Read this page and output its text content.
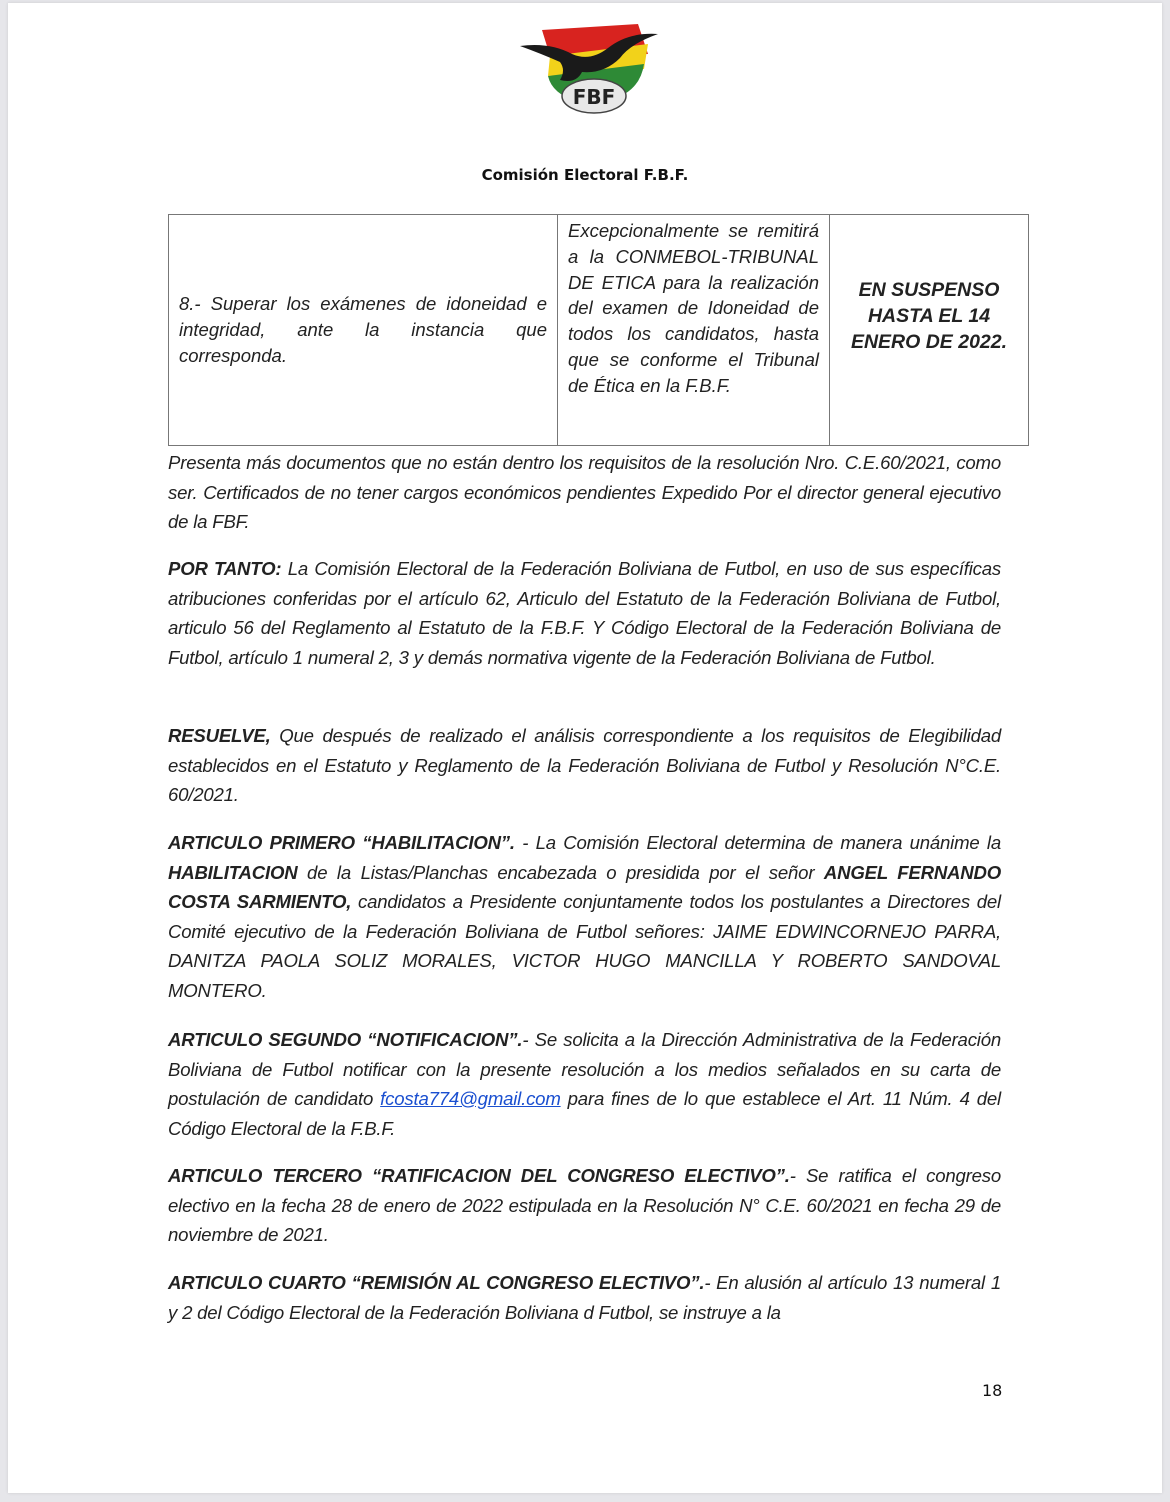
FBF
Comisión Electoral F.B.F.
8.- Superar los exámenes de idoneidad e integridad, ante la instancia que corresponda.	Excepcionalmente se remitirá a la CONMEBOL-TRIBUNAL DE ETICA para la realización del examen de Idoneidad de todos los candidatos, hasta que se conforme el Tribunal de Ética en la F.B.F.	EN SUSPENSO HASTA EL 14 ENERO DE 2022.

Presenta más documentos que no están dentro los requisitos de la resolución Nro. C.E.60/2021, como ser. Certificados de no tener cargos económicos pendientes Expedido Por el director general ejecutivo de la FBF.

POR TANTO: La Comisión Electoral de la Federación Boliviana de Futbol, en uso de sus específicas atribuciones conferidas por el artículo 62, Articulo del Estatuto de la Federación Boliviana de Futbol, articulo 56 del Reglamento al Estatuto de la F.B.F. Y Código Electoral de la Federación Boliviana de Futbol, artículo 1 numeral 2, 3 y demás normativa vigente de la Federación Boliviana de Futbol.

RESUELVE, Que después de realizado el análisis correspondiente a los requisitos de Elegibilidad establecidos en el Estatuto y Reglamento de la Federación Boliviana de Futbol y Resolución N°C.E. 60/2021.

ARTICULO PRIMERO “HABILITACION”. - La Comisión Electoral determina de manera unánime la HABILITACION de la Listas/Planchas encabezada o presidida por el señor ANGEL FERNANDO COSTA SARMIENTO, candidatos a Presidente conjuntamente todos los postulantes a Directores del Comité ejecutivo de la Federación Boliviana de Futbol señores: JAIME EDWINCORNEJO PARRA, DANITZA PAOLA SOLIZ MORALES, VICTOR HUGO MANCILLA Y ROBERTO SANDOVAL MONTERO.

ARTICULO SEGUNDO “NOTIFICACION”.- Se solicita a la Dirección Administrativa de la Federación Boliviana de Futbol notificar con la presente resolución a los medios señalados en su carta de postulación de candidato fcosta774@gmail.com para fines de lo que establece el Art. 11 Núm. 4 del Código Electoral de la F.B.F.

ARTICULO TERCERO “RATIFICACION DEL CONGRESO ELECTIVO”.- Se ratifica el congreso electivo en la fecha 28 de enero de 2022 estipulada en la Resolución N° C.E. 60/2021 en fecha 29 de noviembre de 2021.

ARTICULO CUARTO “REMISIÓN AL CONGRESO ELECTIVO”.- En alusión al artículo 13 numeral 1 y 2 del Código Electoral de la Federación Boliviana d Futbol, se instruye a la

18
